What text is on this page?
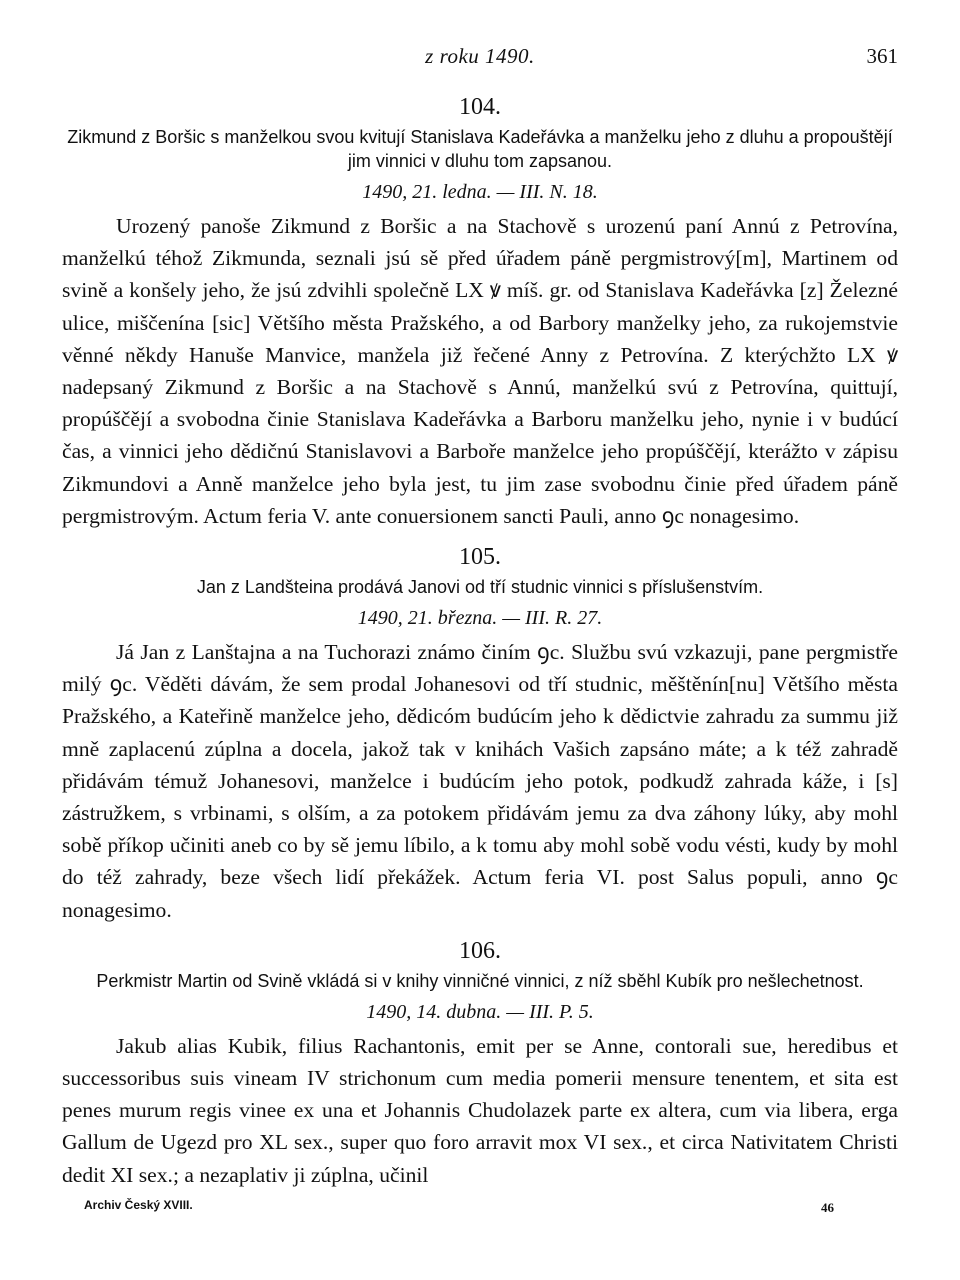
z roku 1490.	361
104.

Zikmund z Boršic s manželkou svou kvitují Stanislava Kadeřávka a manželku jeho z dluhu a propouštějí jim vinnici v dluhu tom zapsanou.

1490, 21. ledna. — III. N. 18.

Urozený panoše Zikmund z Boršic a na Stachově s urozenú paní Annú z Petrovína, manželkú téhož Zikmunda, seznali jsú sě před úřadem páně pergmistrový[m], Martinem od svině a konšely jeho, že jsú zdvihli společně LX ꝟ míš. gr. od Stanislava Kadeřávka [z] Železné ulice, miščenína [sic] Většího města Pražského, a od Barbory manželky jeho, za rukojemstvie věnné někdy Hanuše Manvice, manžela již řečené Anny z Petrovína. Z kterýchžto LX ꝟ nadepsaný Zikmund z Boršic a na Stachově s Annú, manželkú svú z Petrovína, quittují, propúščějí a svobodna činie Stanislava Kadeřávka a Barboru manželku jeho, nynie i v budúcí čas, a vinnici jeho dědičnú Stanislavovi a Barboře manželce jeho propúščějí, kterážto v zápisu Zikmundovi a Anně manželce jeho byla jest, tu jim zase svobodnu činie před úřadem páně pergmistrovým. Actum feria V. ante conuersionem sancti Pauli, anno ꝯc nonagesimo.

105.

Jan z Landšteina prodává Janovi od tří studnic vinnici s příslušenstvím.

1490, 21. března. — III. R. 27.

Já Jan z Lanštajna a na Tuchorazi známo činím ꝯc. Službu svú vzkazuji, pane pergmistře milý ꝯc. Věděti dávám, že sem prodal Johanesovi od tří studnic, měštěnín[nu] Většího města Pražského, a Kateřině manželce jeho, dědicóm budúcím jeho k dědictvie zahradu za summu již mně zaplacenú zúplna a docela, jakož tak v knihách Vašich zapsáno máte; a k též zahradě přidávám témuž Johanesovi, manželce i budúcím jeho potok, podkudž zahrada káže, i [s] zástružkem, s vrbinami, s olším, a za potokem přidávám jemu za dva záhony lúky, aby mohl sobě příkop učiniti aneb co by sě jemu líbilo, a k tomu aby mohl sobě vodu vésti, kudy by mohl do též zahrady, beze všech lidí překážek. Actum feria VI. post Salus populi, anno ꝯc nonagesimo.

106.

Perkmistr Martin od Svině vkládá si v knihy vinničné vinnici, z níž sběhl Kubík pro nešlechetnost.

1490, 14. dubna. — III. P. 5.

Jakub alias Kubik, filius Rachantonis, emit per se Anne, contorali sue, heredibus et successoribus suis vineam IV strichonum cum media pomerii mensure tenentem, et sita est penes murum regis vinee ex una et Johannis Chudolazek parte ex altera, cum via libera, erga Gallum de Ugezd pro XL sex., super quo foro arravit mox VI sex., et circa Nativitatem Christi dedit XI sex.; a nezaplativ ji zúplna, učinil

Archiv Český XVIII.	46
